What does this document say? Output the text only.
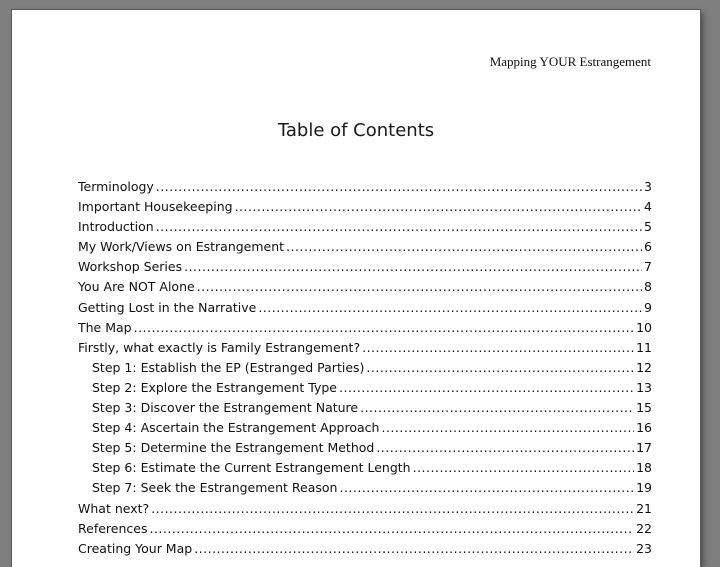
Mapping YOUR Estrangement
Table of Contents
Terminology .....	3
Important Housekeeping .....	4
Introduction .....	5
My Work/Views on Estrangement .....	6
Workshop Series .....	7
You Are NOT Alone .....	8
Getting Lost in the Narrative .....	9
The Map .....	10
Firstly, what exactly is Family Estrangement? .....	11
Step 1: Establish the EP (Estranged Parties) .....	12
Step 2: Explore the Estrangement Type .....	13
Step 3: Discover the Estrangement Nature .....	15
Step 4: Ascertain the Estrangement Approach .....	16
Step 5: Determine the Estrangement Method .....	17
Step 6: Estimate the Current Estrangement Length .....	18
Step 7: Seek the Estrangement Reason .....	19
What next? .....	21
References .....	22
Creating Your Map .....	23
